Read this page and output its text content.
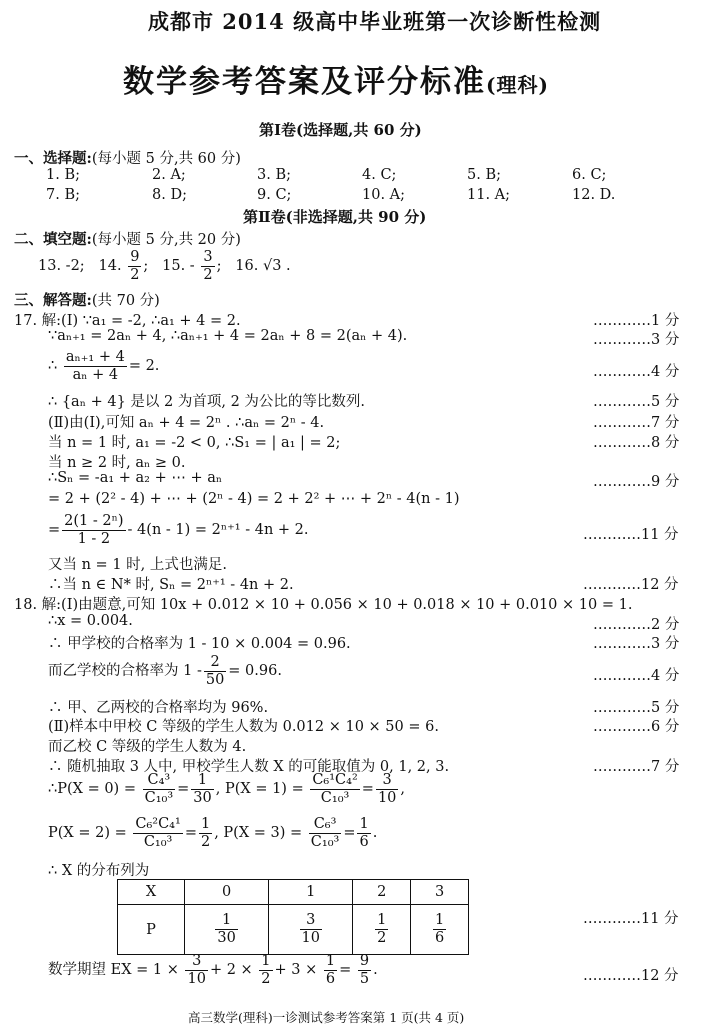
成都市 2014 级高中毕业班第一次诊断性检测
数学参考答案及评分标准(理科)
第Ⅰ卷(选择题,共 60 分)
一、选择题:(每小题 5 分,共 60 分)
1. B;	2. A;	3. B;	4. C;	5. B;	6. C;
7. B;	8. D;	9. C;	10. A;	11. A;	12. D.
第Ⅱ卷(非选择题,共 90 分)
二、填空题:(每小题 5 分,共 20 分)
13. -2; 14. $\frac{9}{2}$ ; 15. - $\frac{3}{2}$ ; 16. √3 .
三、解答题:(共 70 分)
17. 解:(Ⅰ) ∵a₁ = -2, ∴a₁ + 4 = 2.
∵aₙ₊₁ = 2aₙ + 4, ∴aₙ₊₁ + 4 = 2aₙ + 8 = 2(aₙ + 4).
∴ $\frac{\text{aₙ₊₁ + 4}}{\text{aₙ + 4}} = 2$.
∴ {aₙ + 4} 是以 2 为首项, 2 为公比的等比数列.
(Ⅱ)由(Ⅰ),可知 aₙ + 4 = 2ⁿ . ∴aₙ = 2ⁿ - 4.
当 n = 1 时, a₁ = -2 < 0, ∴S₁ = | a₁ | = 2;
当 n ≥ 2 时, aₙ ≥ 0.
∴Sₙ = -a₁ + a₂ + ⋯ + aₙ
= 2 + (2² - 4) + ⋯ + (2ⁿ - 4) = 2 + 2² + ⋯ + 2ⁿ - 4(n - 1)
= $\frac{\text{2(1 - 2ⁿ)}}{1 - 2} - 4(n - 1) = 2^{n+1} - 4n + 2$.
又当 n = 1 时, 上式也满足.
∴当 n ∈ N* 时, Sₙ = 2ⁿ⁺¹ - 4n + 2.
…………1 分
…………3 分
…………4 分
…………5 分
…………7 分
…………8 分
…………9 分
…………11 分
…………12 分
18. 解:(Ⅰ)由题意,可知 10x + 0.012 × 10 + 0.056 × 10 + 0.018 × 10 + 0.010 × 10 = 1.
∴x = 0.004.
∴ 甲学校的合格率为 1 - 10 × 0.004 = 0.96.
而乙学校的合格率为 $1 - \frac{2}{50} = 0.96$.
∴ 甲、乙两校的合格率均为 96%.
(Ⅱ)样本中甲校 C 等级的学生人数为 0.012 × 10 × 50 = 6.
而乙校 C 等级的学生人数为 4.
∴ 随机抽取 3 人中, 甲校学生人数 X 的可能取值为 0, 1, 2, 3.
∴P(X = $0) = \frac{\text{C₄³}}{\text{C₁₀³}} = \frac{1}{30}$ , $P(X = 1) = \frac{\text{C₆¹C₄²}}{\text{C₁₀³}} = \frac{3}{10}$ ,
$P(X = 2) = \frac{\text{C₆²C₄¹}}{\text{C₁₀³}} = \frac{1}{2}$ , $P(X = 3) = \frac{\text{C₆³}}{\text{C₁₀³}} = \frac{1}{6}$ .
∴ X 的分布列为
X	0	1	2	3
P	$\frac{1}{30}$	$\frac{3}{10}$	$\frac{1}{2}$	$\frac{1}{6}$
数学期望 EX = $1 \times \frac{3}{10} + 2 \times \frac{1}{2} + 3 \times \frac{1}{6} = \frac{9}{5}$ .
…………2 分
…………3 分
…………4 分
…………5 分
…………6 分
…………7 分
…………11 分
…………12 分
高三数学(理科)一诊测试参考答案第 1 页(共 4 页)
